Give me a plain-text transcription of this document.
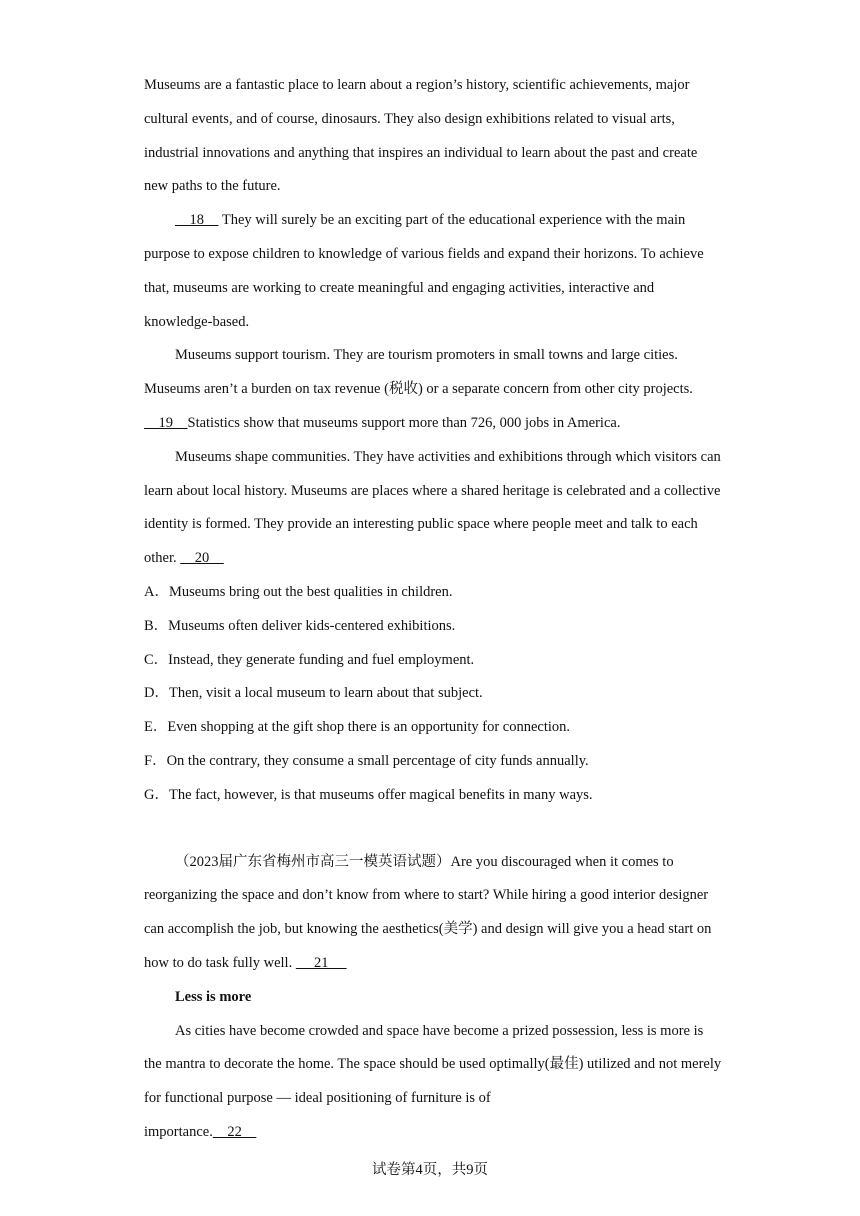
Museums are a fantastic place to learn about a region’s history, scientific achievements, major cultural events, and of course, dinosaurs. They also design exhibitions related to visual arts, industrial innovations and anything that inspires an individual to learn about the past and create new paths to the future.

18     They will surely be an exciting part of the educational experience with the main purpose to expose children to knowledge of various fields and expand their horizons. To achieve that, museums are working to create meaningful and engaging activities, interactive and knowledge-based.

Museums support tourism. They are tourism promoters in small towns and large cities. Museums aren’t a burden on tax revenue (税收) or a separate concern from other city projects.

19    Statistics show that museums support more than 726, 000 jobs in America.

Museums shape communities. They have activities and exhibitions through which visitors can learn about local history. Museums are places where a shared heritage is celebrated and a collective identity is formed. They provide an interesting public space where people meet and talk to each other.     20

A．Museums bring out the best qualities in children.

B．Museums often deliver kids-centered exhibitions.

C．Instead, they generate funding and fuel employment.

D．Then, visit a local museum to learn about that subject.

E．Even shopping at the gift shop there is an opportunity for connection.

F．On the contrary, they consume a small percentage of city funds annually.

G．The fact, however, is that museums offer magical benefits in many ways.

（2023届广东省梅州市高三一模英语试题）Are you discouraged when it comes to reorganizing the space and don’t know from where to start? While hiring a good interior designer can accomplish the job, but knowing the aesthetics(美学) and design will give you a head start on how to do task fully well.      21

Less is more

As cities have become crowded and space have become a prized possession, less is more is the mantra to decorate the home. The space should be used optimally(最佳) utilized and not merely for functional purpose — ideal positioning of furniture is of

importance.    22

试卷第4页，共9页
